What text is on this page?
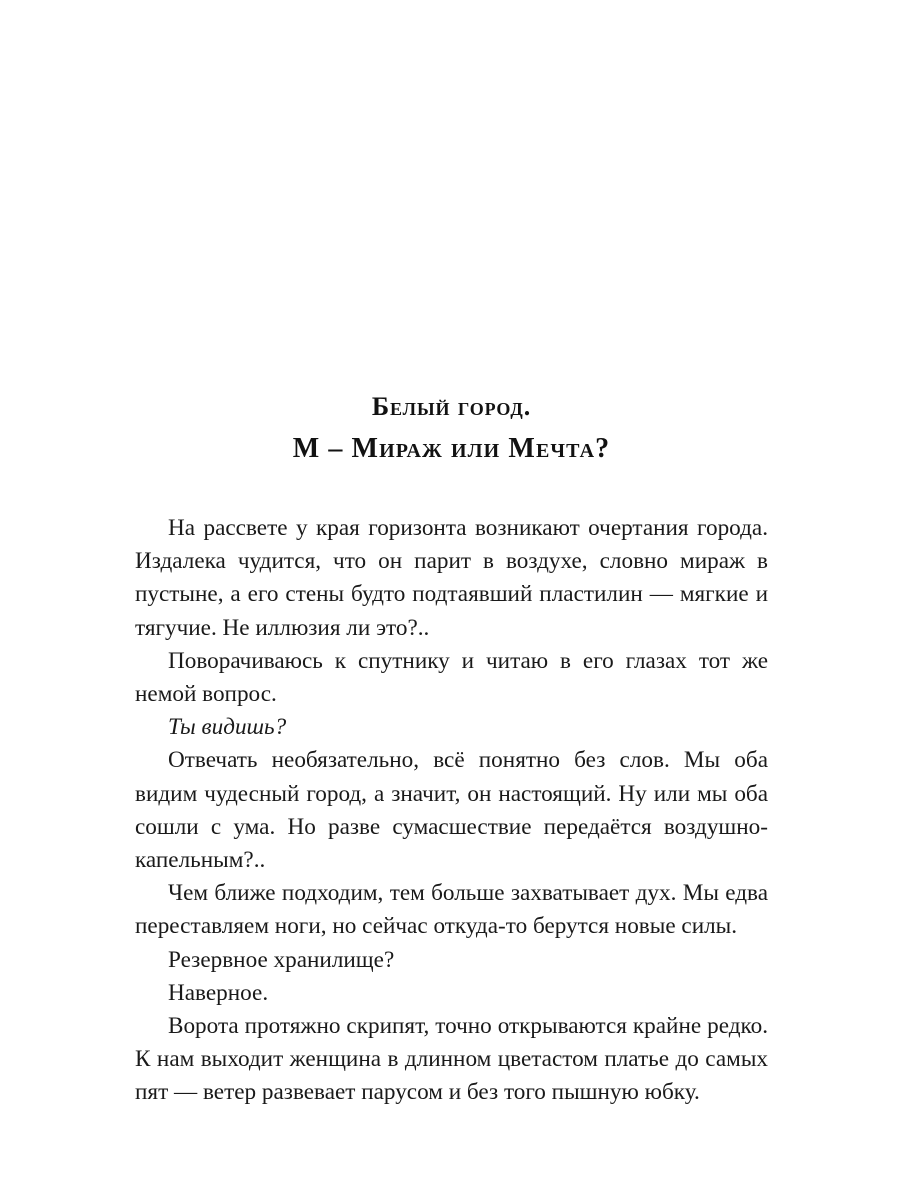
Белый город.
М – Мираж или Мечта?

На рассвете у края горизонта возникают очертания города. Издалека чудится, что он парит в воздухе, словно мираж в пустыне, а его стены будто подтаявший пластилин — мягкие и тягучие. Не иллюзия ли это?..

Поворачиваюсь к спутнику и читаю в его глазах тот же немой вопрос.

Ты видишь?

Отвечать необязательно, всё понятно без слов. Мы оба видим чудесный город, а значит, он настоящий. Ну или мы оба сошли с ума. Но разве сумасшествие передаётся воздушно-капельным?..

Чем ближе подходим, тем больше захватывает дух. Мы едва переставляем ноги, но сейчас откуда-то берутся новые силы.

Резервное хранилище?

Наверное.

Ворота протяжно скрипят, точно открываются крайне редко. К нам выходит женщина в длинном цветастом платье до самых пят — ветер развевает парусом и без того пышную юбку.
